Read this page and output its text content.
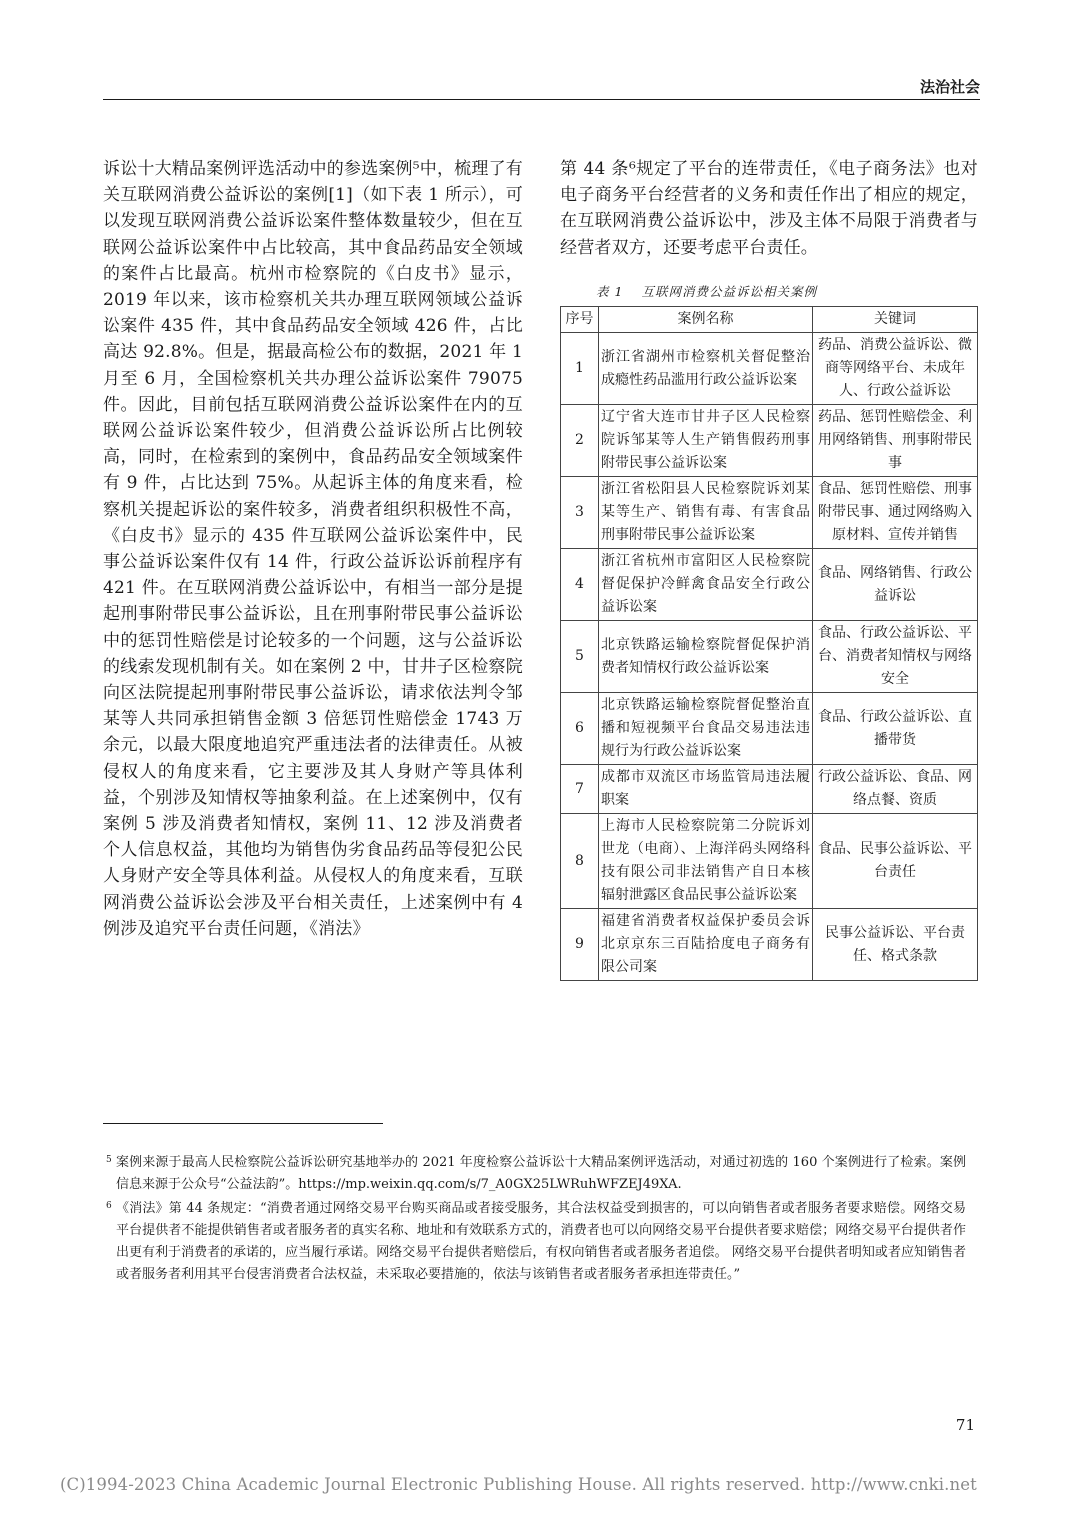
法治社会
诉讼十大精品案例评选活动中的参选案例⁵中，梳理了有关互联网消费公益诉讼的案例[1]（如下表 1 所示），可以发现互联网消费公益诉讼案件整体数量较少，但在互联网公益诉讼案件中占比较高，其中食品药品安全领域的案件占比最高。杭州市检察院的《白皮书》显示，2019 年以来，该市检察机关共办理互联网领域公益诉讼案件 435 件，其中食品药品安全领域 426 件，占比高达 92.8%。但是，据最高检公布的数据，2021 年 1 月至 6 月，全国检察机关共办理公益诉讼案件 79075 件。因此，目前包括互联网消费公益诉讼案件在内的互联网公益诉讼案件较少，但消费公益诉讼所占比例较高，同时，在检索到的案例中，食品药品安全领域案件有 9 件，占比达到 75%。从起诉主体的角度来看，检察机关提起诉讼的案件较多，消费者组织积极性不高，《白皮书》显示的 435 件互联网公益诉讼案件中，民事公益诉讼案件仅有 14 件，行政公益诉讼诉前程序有 421 件。在互联网消费公益诉讼中，有相当一部分是提起刑事附带民事公益诉讼，且在刑事附带民事公益诉讼中的惩罚性赔偿是讨论较多的一个问题，这与公益诉讼的线索发现机制有关。如在案例 2 中，甘井子区检察院向区法院提起刑事附带民事公益诉讼，请求依法判令邹某等人共同承担销售金额 3 倍惩罚性赔偿金 1743 万余元，以最大限度地追究严重违法者的法律责任。从被侵权人的角度来看，它主要涉及其人身财产等具体利益，个别涉及知情权等抽象利益。在上述案例中，仅有案例 5 涉及消费者知情权，案例 11、12 涉及消费者个人信息权益，其他均为销售伪劣食品药品等侵犯公民人身财产安全等具体利益。从侵权人的角度来看，互联网消费公益诉讼会涉及平台相关责任，上述案例中有 4 例涉及追究平台责任问题，《消法》
第 44 条⁶规定了平台的连带责任，《电子商务法》也对电子商务平台经营者的义务和责任作出了相应的规定，在互联网消费公益诉讼中，涉及主体不局限于消费者与经营者双方，还要考虑平台责任。
表 1 互联网消费公益诉讼相关案例
序号	案例名称	关键词
1	浙江省湖州市检察机关督促整治成瘾性药品滥用行政公益诉讼案	药品、消费公益诉讼、微商等网络平台、未成年人、行政公益诉讼
2	辽宁省大连市甘井子区人民检察院诉邹某等人生产销售假药刑事附带民事公益诉讼案	药品、惩罚性赔偿金、利用网络销售、刑事附带民事
3	浙江省松阳县人民检察院诉刘某某等生产、销售有毒、有害食品刑事附带民事公益诉讼案	食品、惩罚性赔偿、刑事附带民事、通过网络购入原材料、宣传并销售
4	浙江省杭州市富阳区人民检察院督促保护冷鲜禽食品安全行政公益诉讼案	食品、网络销售、行政公益诉讼
5	北京铁路运输检察院督促保护消费者知情权行政公益诉讼案	食品、行政公益诉讼、平台、消费者知情权与网络安全
6	北京铁路运输检察院督促整治直播和短视频平台食品交易违法违规行为行政公益诉讼案	食品、行政公益诉讼、直播带货
7	成都市双流区市场监管局违法履职案	行政公益诉讼、食品、网络点餐、资质
8	上海市人民检察院第二分院诉刘世龙（电商）、上海洋码头网络科技有限公司非法销售产自日本核辐射泄露区食品民事公益诉讼案	食品、民事公益诉讼、平台责任
9	福建省消费者权益保护委员会诉北京京东三百陆拾度电子商务有限公司案	民事公益诉讼、平台责任、格式条款
5 案例来源于最高人民检察院公益诉讼研究基地举办的 2021 年度检察公益诉讼十大精品案例评选活动，对通过初选的 160 个案例进行了检索。案例信息来源于公众号“公益法韵”。https://mp.weixin.qq.com/s/7_A0GX25LWRuhWFZEJ49XA.
6 《消法》第 44 条规定：“消费者通过网络交易平台购买商品或者接受服务，其合法权益受到损害的，可以向销售者或者服务者要求赔偿。网络交易平台提供者不能提供销售者或者服务者的真实名称、地址和有效联系方式的，消费者也可以向网络交易平台提供者要求赔偿；网络交易平台提供者作出更有利于消费者的承诺的，应当履行承诺。网络交易平台提供者赔偿后，有权向销售者或者服务者追偿。 网络交易平台提供者明知或者应知销售者或者服务者利用其平台侵害消费者合法权益，未采取必要措施的，依法与该销售者或者服务者承担连带责任。”
71
(C)1994-2023 China Academic Journal Electronic Publishing House. All rights reserved. http://www.cnki.net
